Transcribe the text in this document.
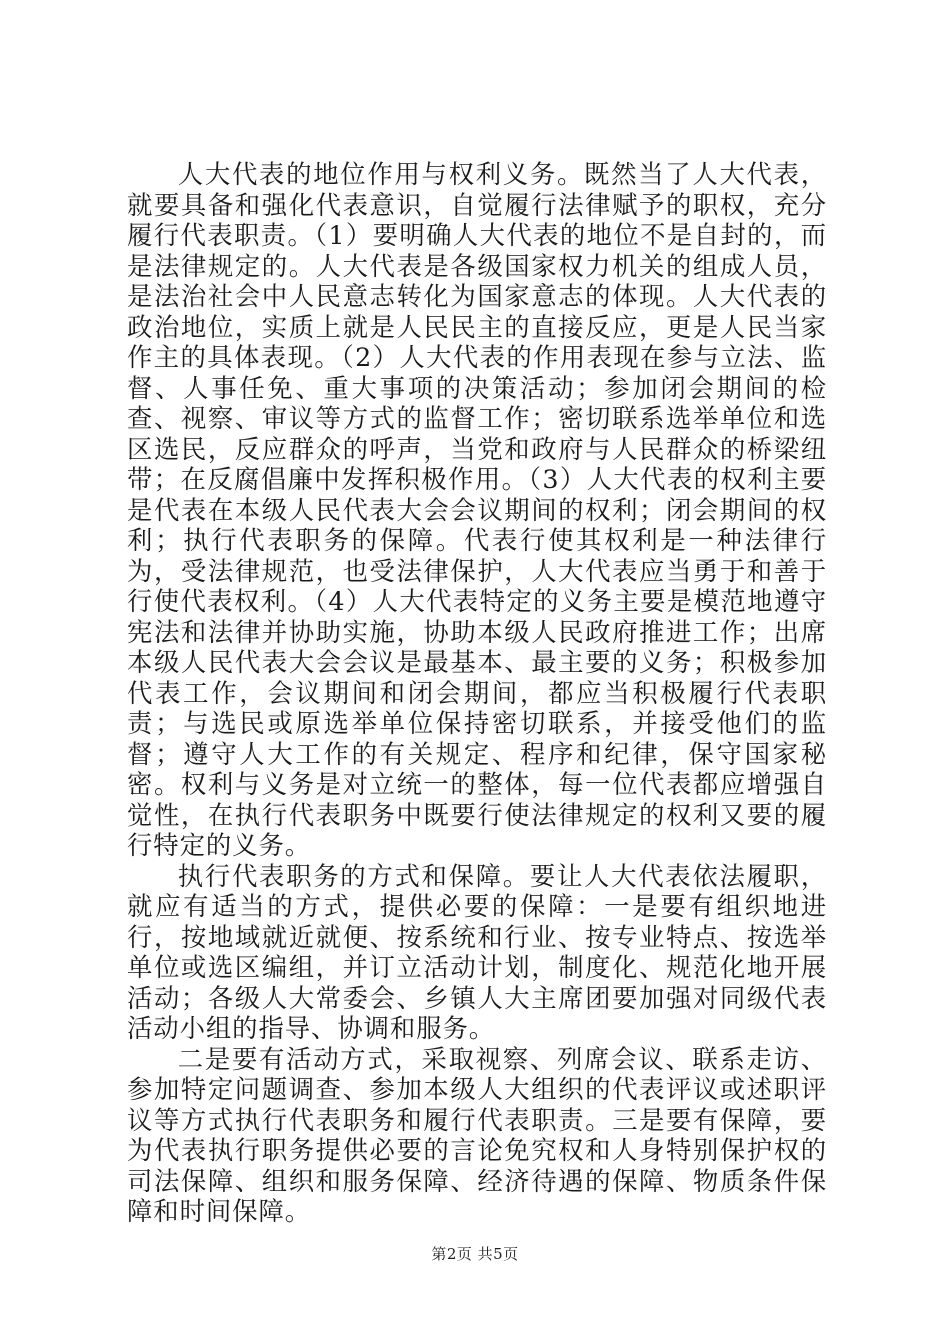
人大代表的地位作用与权利义务。既然当了人大代表，就要具备和强化代表意识，自觉履行法律赋予的职权，充分履行代表职责。（1）要明确人大代表的地位不是自封的，而是法律规定的。人大代表是各级国家权力机关的组成人员，是法治社会中人民意志转化为国家意志的体现。人大代表的政治地位，实质上就是人民民主的直接反应，更是人民当家作主的具体表现。（2）人大代表的作用表现在参与立法、监督、人事任免、重大事项的决策活动；参加闭会期间的检查、视察、审议等方式的监督工作；密切联系选举单位和选区选民，反应群众的呼声，当党和政府与人民群众的桥梁纽带；在反腐倡廉中发挥积极作用。（3）人大代表的权利主要是代表在本级人民代表大会会议期间的权利；闭会期间的权利；执行代表职务的保障。代表行使其权利是一种法律行为，受法律规范，也受法律保护，人大代表应当勇于和善于行使代表权利。（4）人大代表特定的义务主要是模范地遵守宪法和法律并协助实施，协助本级人民政府推进工作；出席本级人民代表大会会议是最基本、最主要的义务；积极参加代表工作，会议期间和闭会期间，都应当积极履行代表职责；与选民或原选举单位保持密切联系，并接受他们的监督；遵守人大工作的有关规定、程序和纪律，保守国家秘密。权利与义务是对立统一的整体，每一位代表都应增强自觉性，在执行代表职务中既要行使法律规定的权利又要的履行特定的义务。

执行代表职务的方式和保障。要让人大代表依法履职，就应有适当的方式，提供必要的保障：一是要有组织地进行，按地域就近就便、按系统和行业、按专业特点、按选举单位或选区编组，并订立活动计划，制度化、规范化地开展活动；各级人大常委会、乡镇人大主席团要加强对同级代表活动小组的指导、协调和服务。

二是要有活动方式，采取视察、列席会议、联系走访、参加特定问题调查、参加本级人大组织的代表评议或述职评议等方式执行代表职务和履行代表职责。三是要有保障，要为代表执行职务提供必要的言论免究权和人身特别保护权的司法保障、组织和服务保障、经济待遇的保障、物质条件保障和时间保障。

第2页 共5页
